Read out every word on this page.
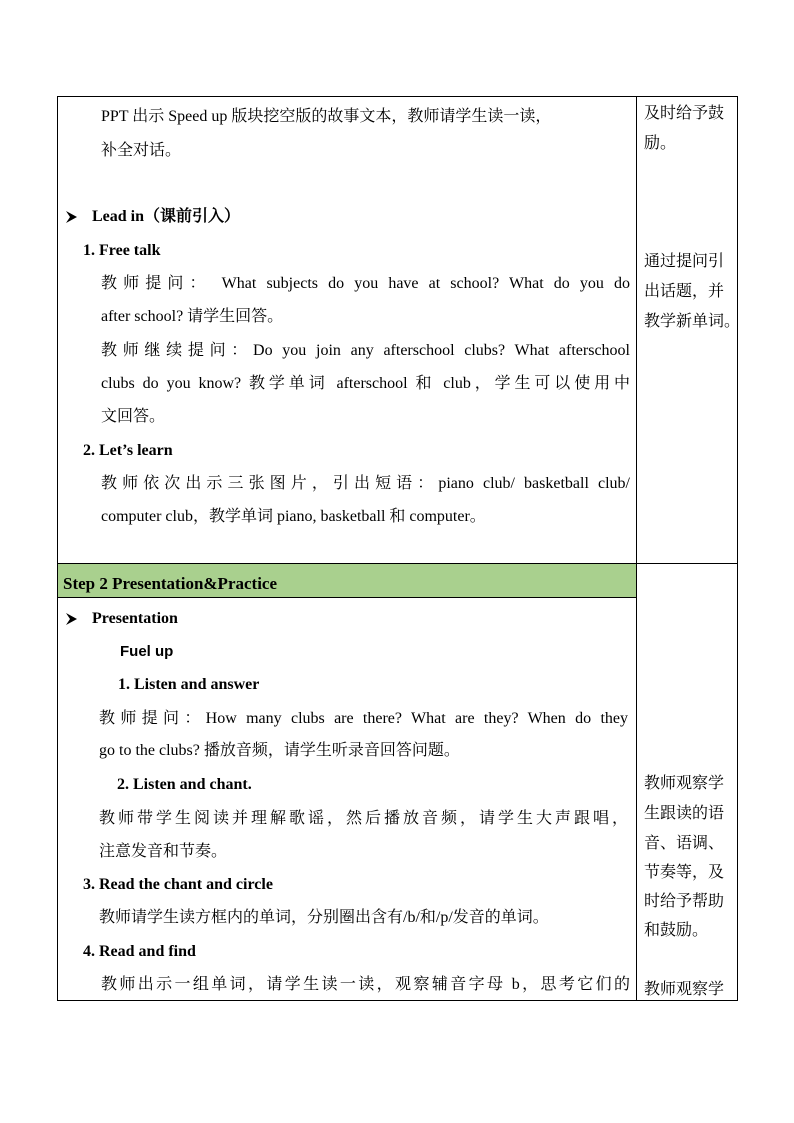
PPT 出示 Speed up 版块挖空版的故事文本，教师请学生读一读，
补全对话。
Lead in（课前引入）
1. Free talk
教师提问： What subjects do you have at school? What do you do
after school? 请学生回答。
教师继续提问：Do you join any afterschool clubs? What afterschool
clubs do you know? 教学单词 afterschool 和 club，学生可以使用中
文回答。
2. Let’s learn
教师依次出示三张图片，引出短语：piano club/ basketball club/
computer club，教学单词 piano, basketball 和 computer。
Step 2 Presentation&Practice
Presentation
Fuel up
1. Listen and answer
教师提问：How many clubs are there? What are they? When do they
go to the clubs? 播放音频，请学生听录音回答问题。
2. Listen and chant.
教师带学生阅读并理解歌谣，然后播放音频，请学生大声跟唱，
注意发音和节奏。
3. Read the chant and circle
教师请学生读方框内的单词，分别圈出含有/b/和/p/发音的单词。
4. Read and find
教师出示一组单词，请学生读一读，观察辅音字母 b，思考它们的
及时给予鼓
励。
通过提问引
出话题，并
教学新单词。
教师观察学
生跟读的语
音、语调、
节奏等，及
时给予帮助
和鼓励。
教师观察学
